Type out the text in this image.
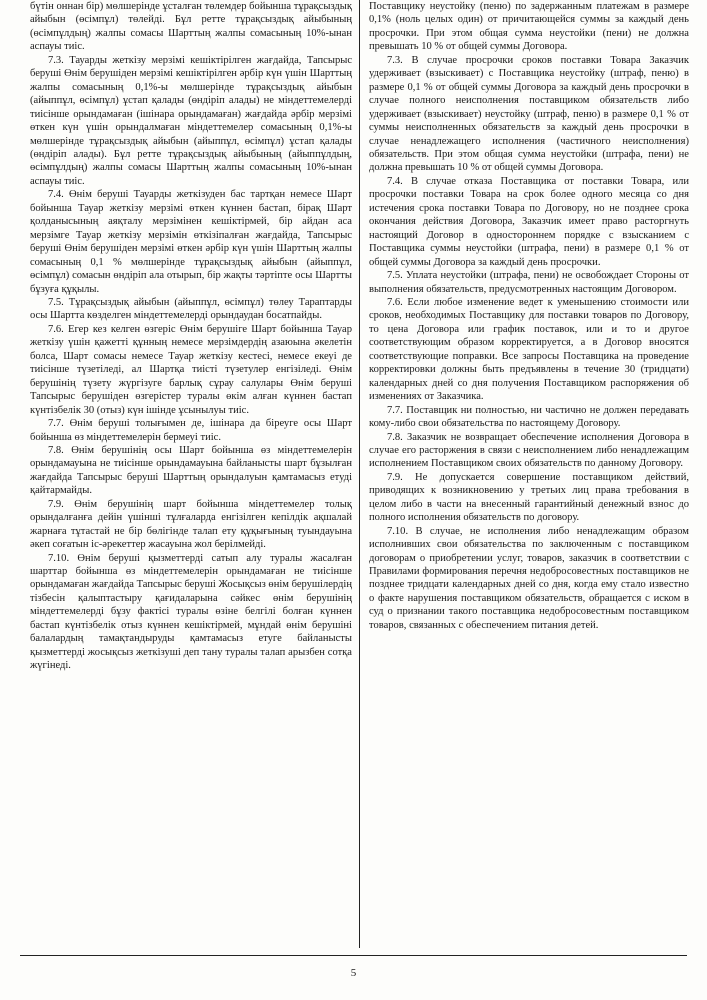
бүтін оннан бір) мөлшерінде ұсталған төлемдер бойынша тұрақсыздық айыбын (өсімпұл) төлейді. Бұл ретте тұрақсыздық айыбының (өсімпұлдың) жалпы сомасы Шарттың жалпы сомасының 10%-ынан аспауы тиіс.

7.3. Тауарды жеткізу мерзімі кешіктірілген жағдайда, Тапсырыс беруші Өнім берушіден мерзімі кешіктірілген әрбір күн үшін Шарттың жалпы сомасының 0,1%-ы мөлшерінде тұрақсыздық айыбын (айыппұл, өсімпұл) ұстап қалады (өндіріп алады) не міндеттемелерді тиісінше орындамаған (ішінара орындамаған) жағдайда әрбір мерзімі өткен күн үшін орындалмаған міндеттемелер сомасының 0,1%-ы мөлшерінде тұрақсыздық айыбын (айыппұл, өсімпұл) ұстап қалады (өндіріп алады). Бұл ретте тұрақсыздық айыбының (айыппұлдың, өсімпұлдың) жалпы сомасы Шарттың жалпы сомасының 10%-ынан аспауы тиіс.

7.4. Өнім беруші Тауарды жеткізуден бас тартқан немесе Шарт бойынша Тауар жеткізу мерзімі өткен күннен бастап, бірақ Шарт қолданысының аяқталу мерзімінен кешіктірмей, бір айдан аса мерзімге Тауар жеткізу мерзімін өткізіпалған жағдайда, Тапсырыс беруші Өнім берушіден мерзімі өткен әрбір күн үшін Шарттың жалпы сомасының 0,1 % мөлшерінде тұрақсыздық айыбын (айыппұл, өсімпұл) сомасын өндіріп ала отырып, бір жақты тәртіпте осы Шартты бұзуға құқылы.

7.5. Тұрақсыздық айыбын (айыппұл, өсімпұл) төлеу Тараптарды осы Шартта көзделген міндеттемелерді орындаудан босатпайды.

7.6. Егер кез келген өзгеріс Өнім берушіге Шарт бойынша Тауар жеткізу үшін қажетті құнның немесе мерзімдердің азаюына әкелетін болса, Шарт сомасы немесе Тауар жеткізу кестесі, немесе екеуі де тиісінше түзетіледі, ал Шартқа тиісті түзетулер енгізіледі. Өнім берушінің түзету жүргізуге барлық сұрау салулары Өнім беруші Тапсырыс берушіден өзгерістер туралы өкім алған күннен бастап күнтізбелік 30 (отыз) күн ішінде ұсынылуы тиіс.

7.7. Өнім беруші толығымен де, ішінара да біреуге осы Шарт бойынша өз міндеттемелерін бермеуі тиіс.

7.8. Өнім берушінің осы Шарт бойынша өз міндеттемелерін орындамауына не тиісінше орындамауына байланысты шарт бұзылған жағдайда Тапсырыс беруші Шарттың орындалуын қамтамасыз етуді қайтармайды.

7.9. Өнім берушінің шарт бойынша міндеттемелер толық орындалғанға дейін үшінші тұлғаларда енгізілген кепілдік ақшалай жарнаға тұтастай не бір бөлігінде талап ету құқығының туындауына әкеп соғатын іс-әрекеттер жасауына жол берілмейді.

7.10. Өнім беруші қызметтерді сатып алу туралы жасалған шарттар бойынша өз міндеттемелерін орындамаған не тиісінше орындамаған жағдайда Тапсырыс беруші Жосықсыз өнім берушілердің тізбесін қалыптастыру қағидаларына сәйкес өнім берушінің міндеттемелерді бұзу фактісі туралы өзіне белгілі болған күннен бастап күнтізбелік отыз күннен кешіктірмей, мұндай өнім берушіні балалардың тамақтандыруды қамтамасыз етуге байланысты қызметтерді жосықсыз жеткізуші деп тану туралы талап арызбен сотқа жүгінеді.

Поставщику неустойку (пеню) по задержанным платежам в размере 0,1% (ноль целых один) от причитающейся суммы за каждый день просрочки. При этом общая сумма неустойки (пени) не должна превышать 10 % от общей суммы Договора.

7.3. В случае просрочки сроков поставки Товара Заказчик удерживает (взыскивает) с Поставщика неустойку (штраф, пеню) в размере 0,1 % от общей суммы Договора за каждый день просрочки в случае полного неисполнения поставщиком обязательств либо удерживает (взыскивает) неустойку (штраф, пеню) в размере 0,1 % от суммы неисполненных обязательств за каждый день просрочки в случае ненадлежащего исполнения (частичного неисполнения) обязательств. При этом общая сумма неустойки (штрафа, пени) не должна превышать 10 % от общей суммы Договора.

7.4. В случае отказа Поставщика от поставки Товара, или просрочки поставки Товара на срок более одного месяца со дня истечения срока поставки Товара по Договору, но не позднее срока окончания действия Договора, Заказчик имеет право расторгнуть настоящий Договор в одностороннем порядке с взысканием с Поставщика суммы неустойки (штрафа, пени) в размере 0,1 % от общей суммы Договора за каждый день просрочки.

7.5. Уплата неустойки (штрафа, пени) не освобождает Стороны от выполнения обязательств, предусмотренных настоящим Договором.

7.6. Если любое изменение ведет к уменьшению стоимости или сроков, необходимых Поставщику для поставки товаров по Договору, то цена Договора или график поставок, или и то и другое соответствующим образом корректируется, а в Договор вносятся соответствующие поправки. Все запросы Поставщика на проведение корректировки должны быть предъявлены в течение 30 (тридцати) календарных дней со дня получения Поставщиком распоряжения об изменениях от Заказчика.

7.7. Поставщик ни полностью, ни частично не должен передавать кому-либо свои обязательства по настоящему Договору.

7.8. Заказчик не возвращает обеспечение исполнения Договора в случае его расторжения в связи с неисполнением либо ненадлежащим исполнением Поставщиком своих обязательств по данному Договору.

7.9. Не допускается совершение поставщиком действий, приводящих к возникновению у третьих лиц права требования в целом либо в части на внесенный гарантийный денежный взнос до полного исполнения обязательств по договору.

7.10. В случае, не исполнения либо ненадлежащим образом исполнивших свои обязательства по заключенным с поставщиком договорам о приобретении услуг, товаров, заказчик в соответствии с Правилами формирования перечня недобросовестных поставщиков не позднее тридцати календарных дней со дня, когда ему стало известно о факте нарушения поставщиком обязательств, обращается с иском в суд о признании такого поставщика недобросовестным поставщиком товаров, связанных с обеспечением питания детей.

5
